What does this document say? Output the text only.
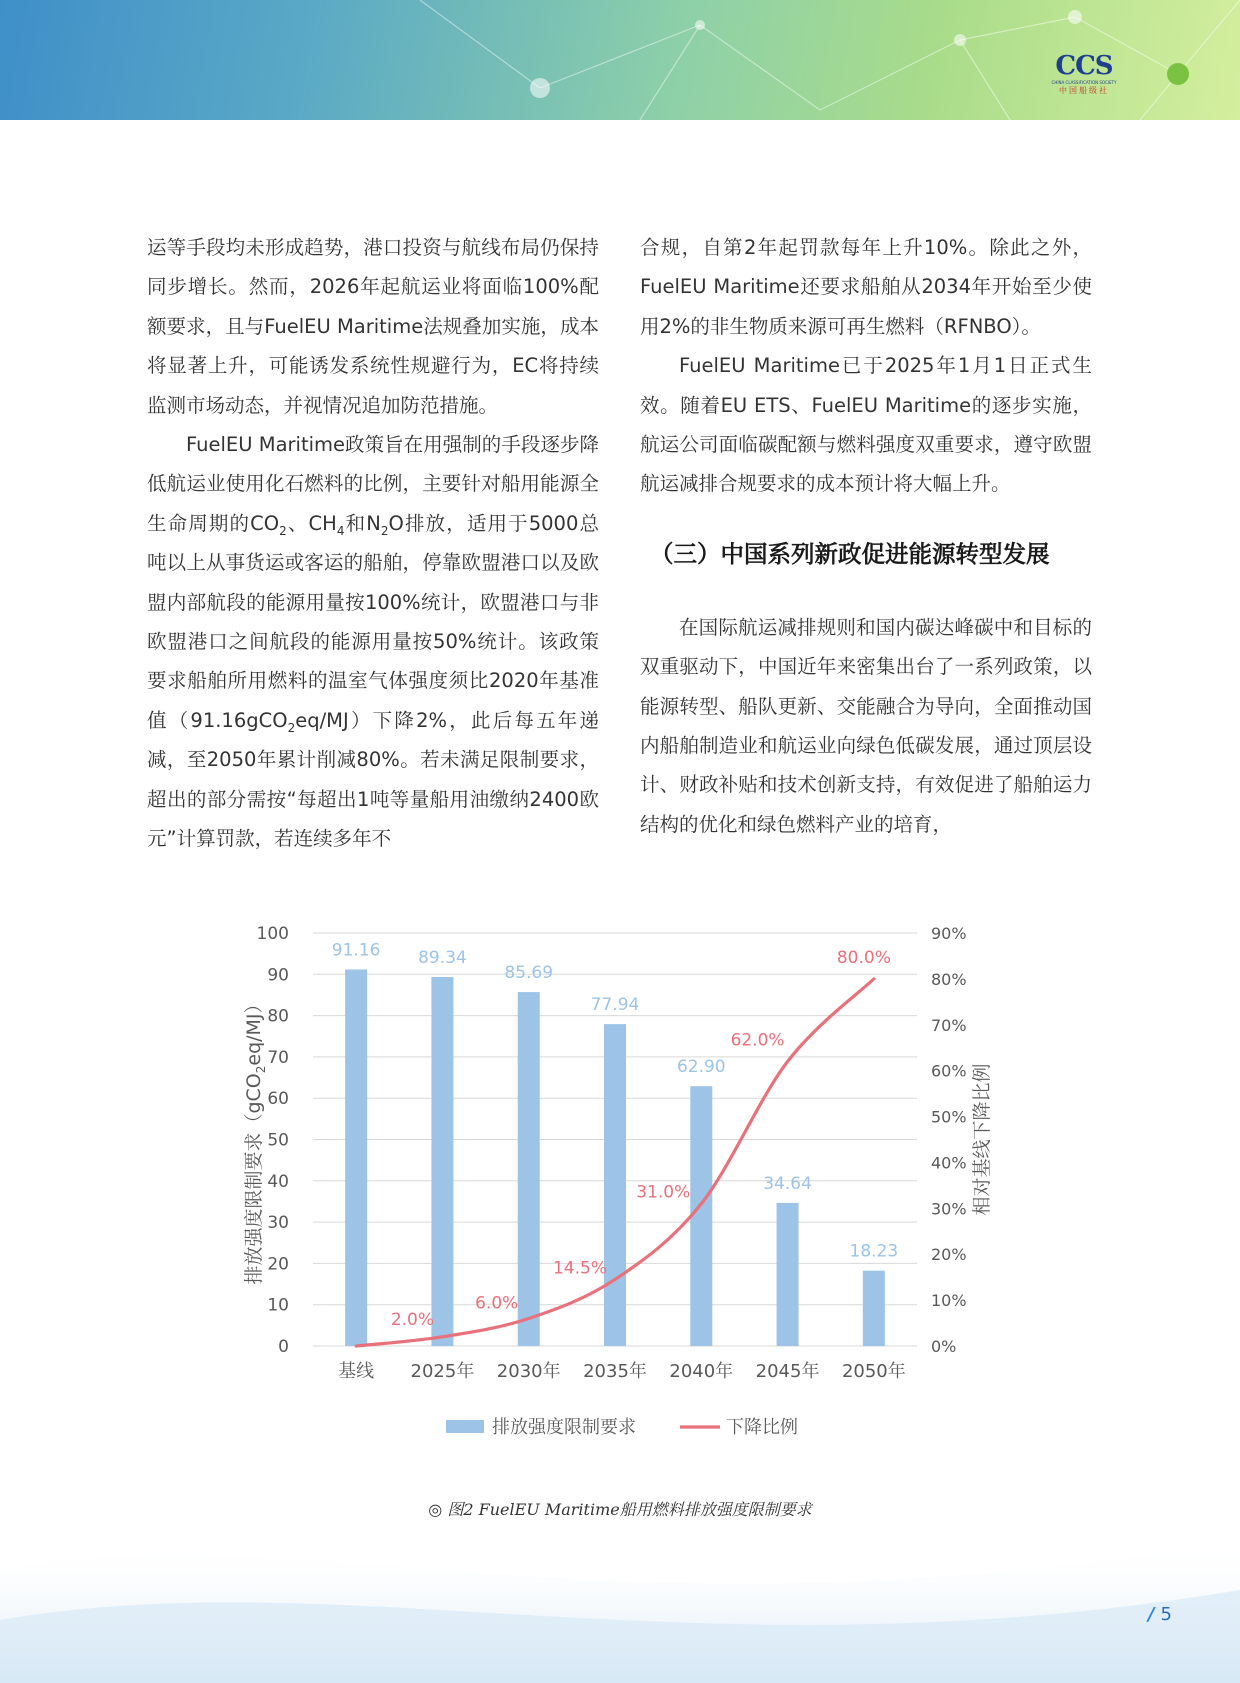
CCS
CHINA CLASSIFICATION SOCIETY
中国船级社

运等手段均未形成趋势，港口投资与航线布局仍保持同步增长。然而，2026年起航运业将面临100%配额要求，且与FuelEU Maritime法规叠加实施，成本将显著上升，可能诱发系统性规避行为，EC将持续监测市场动态，并视情况追加防范措施。

FuelEU Maritime政策旨在用强制的手段逐步降低航运业使用化石燃料的比例，主要针对船用能源全生命周期的$CO_2$、$CH_4$和$N_2O$排放，适用于5000总吨以上从事货运或客运的船舶，停靠欧盟港口以及欧盟内部航段的能源用量按100%统计，欧盟港口与非欧盟港口之间航段的能源用量按50%统计。该政策要求船舶所用燃料的温室气体强度须比2020年基准值（91.16gCO$_2$eq/MJ）下降2%，此后每五年递减，至2050年累计削减80%。若未满足限制要求，超出的部分需按“每超出1吨等量船用油缴纳2400欧元”计算罚款，若连续多年不

合规，自第2年起罚款每年上升10%。除此之外，FuelEU Maritime还要求船舶从2034年开始至少使用2%的非生物质来源可再生燃料（RFNBO）。

FuelEU Maritime已于2025年1月1日正式生效。随着EU ETS、FuelEU Maritime的逐步实施，航运公司面临碳配额与燃料强度双重要求，遵守欧盟航运减排合规要求的成本预计将大幅上升。

（三）中国系列新政促进能源转型发展

在国际航运减排规则和国内碳达峰碳中和目标的双重驱动下，中国近年来密集出台了一系列政策，以能源转型、船队更新、交能融合为导向，全面推动国内船舶制造业和航运业向绿色低碳发展，通过顶层设计、财政补贴和技术创新支持，有效促进了船舶运力结构的优化和绿色燃料产业的培育，

0
10
20
30
40
50
60
70
80
90
100
0%
10%
20%
30%
40%
50%
60%
70%
80%
90%
91.16 89.34
85.69
77.94
62.90
34.64
18.23
基线 2025年 2030年 2035年 2040年 2045年 2050年
2.0%
6.0%
14.5%
31.0%
62.0%
80.0%
排放强度限制要求（gCO$_2$eq/MJ）
相对基线下降比例
排放强度限制要求	下降比例
◎ 图2 FuelEU Maritime船用燃料排放强度限制要求
/ 5
